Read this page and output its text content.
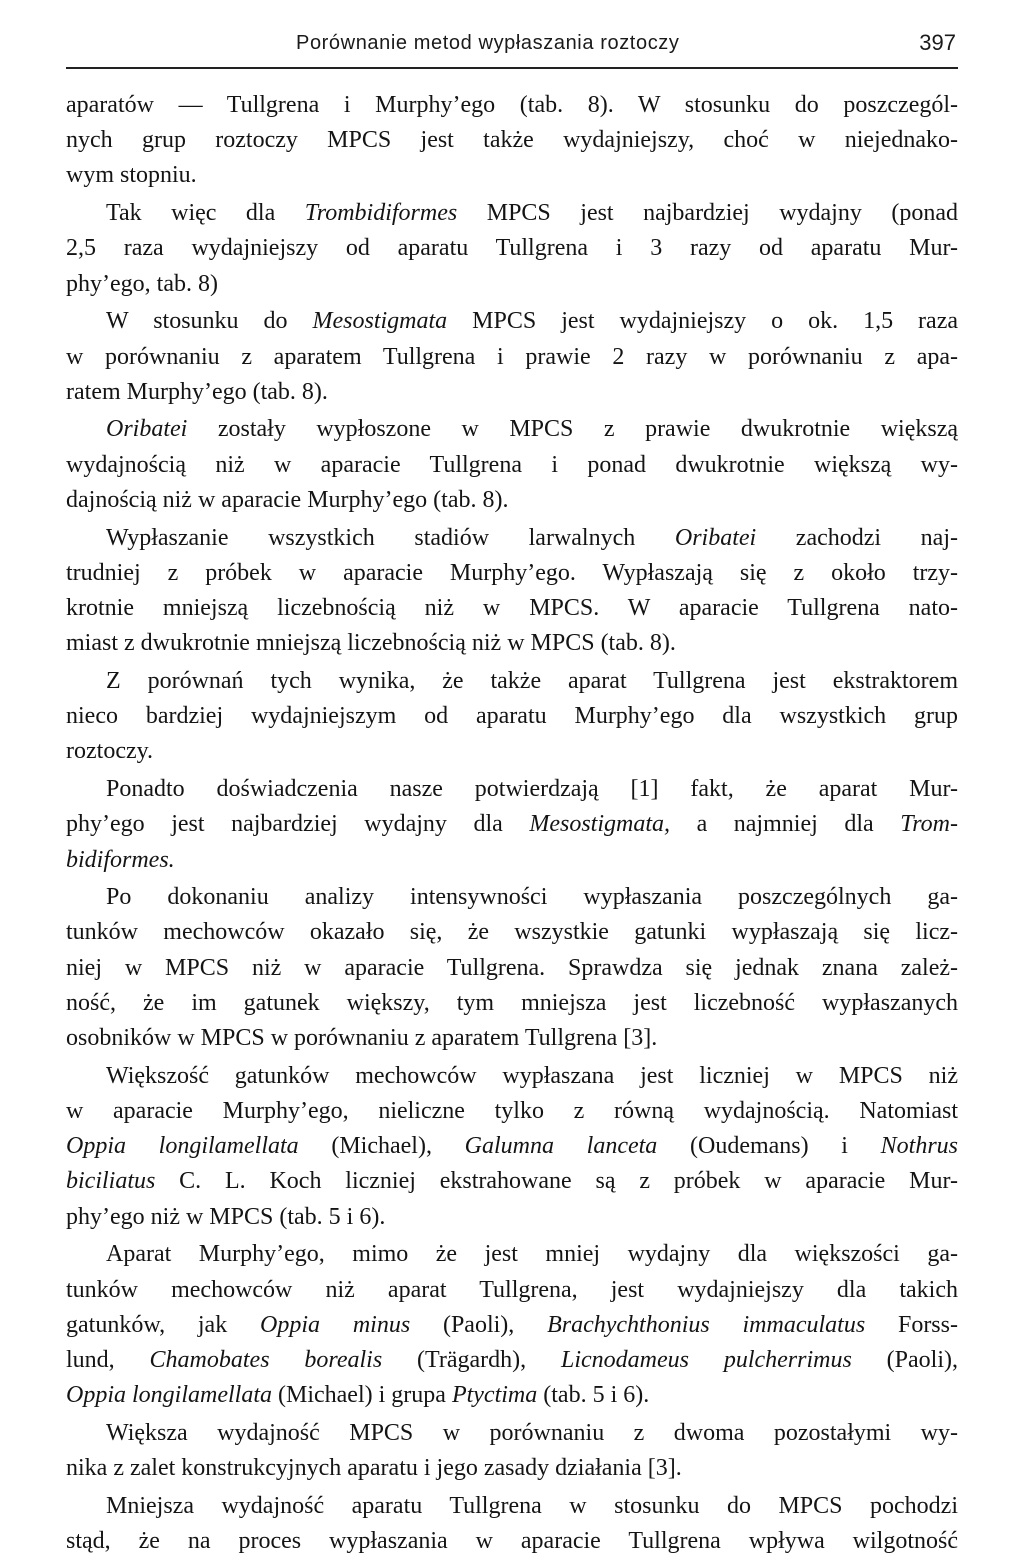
Porównanie metod wypłaszania roztoczy	397
aparatów — Tullgrena i Murphy’ego (tab. 8). W stosunku do poszczegól-
nych grup roztoczy MPCS jest także wydajniejszy, choć w niejednako-
wym stopniu.
Tak więc dla Trombidiformes MPCS jest najbardziej wydajny (ponad
2,5 raza wydajniejszy od aparatu Tullgrena i 3 razy od aparatu Mur-
phy’ego, tab. 8)
W stosunku do Mesostigmata MPCS jest wydajniejszy o ok. 1,5 raza
w porównaniu z aparatem Tullgrena i prawie 2 razy w porównaniu z apa-
ratem Murphy’ego (tab. 8).
Oribatei zostały wypłoszone w MPCS z prawie dwukrotnie większą
wydajnością niż w aparacie Tullgrena i ponad dwukrotnie większą wy-
dajnością niż w aparacie Murphy’ego (tab. 8).
Wypłaszanie wszystkich stadiów larwalnych Oribatei zachodzi naj-
trudniej z próbek w aparacie Murphy’ego. Wypłaszają się z około trzy-
krotnie mniejszą liczebnością niż w MPCS. W aparacie Tullgrena nato-
miast z dwukrotnie mniejszą liczebnością niż w MPCS (tab. 8).
Z porównań tych wynika, że także aparat Tullgrena jest ekstraktorem
nieco bardziej wydajniejszym od aparatu Murphy’ego dla wszystkich grup
roztoczy.
Ponadto doświadczenia nasze potwierdzają [1] fakt, że aparat Mur-
phy’ego jest najbardziej wydajny dla Mesostigmata, a najmniej dla Trom-
bidiformes.
Po dokonaniu analizy intensywności wypłaszania poszczególnych ga-
tunków mechowców okazało się, że wszystkie gatunki wypłaszają się licz-
niej w MPCS niż w aparacie Tullgrena. Sprawdza się jednak znana zależ-
ność, że im gatunek większy, tym mniejsza jest liczebność wypłaszanych
osobników w MPCS w porównaniu z aparatem Tullgrena [3].
Większość gatunków mechowców wypłaszana jest liczniej w MPCS niż
w aparacie Murphy’ego, nieliczne tylko z równą wydajnością. Natomiast
Oppia longilamellata (Michael), Galumna lanceta (Oudemans) i Nothrus
biciliatus C. L. Koch liczniej ekstrahowane są z próbek w aparacie Mur-
phy’ego niż w MPCS (tab. 5 i 6).
Aparat Murphy’ego, mimo że jest mniej wydajny dla większości ga-
tunków mechowców niż aparat Tullgrena, jest wydajniejszy dla takich
gatunków, jak Oppia minus (Paoli), Brachychthonius immaculatus Forss-
lund, Chamobates borealis (Trägardh), Licnodameus pulcherrimus (Paoli),
Oppia longilamellata (Michael) i grupa Ptyctima (tab. 5 i 6).
Większa wydajność MPCS w porównaniu z dwoma pozostałymi wy-
nika z zalet konstrukcyjnych aparatu i jego zasady działania [3].
Mniejsza wydajność aparatu Tullgrena w stosunku do MPCS pochodzi
stąd, że na proces wypłaszania w aparacie Tullgrena wpływa wilgotność
